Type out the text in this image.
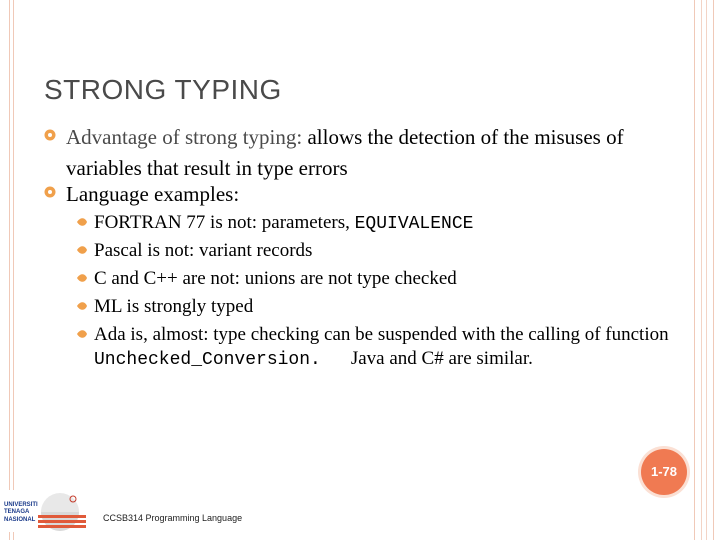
STRONG TYPING
Advantage of strong typing: allows the detection of the misuses of variables that result in type errors
Language examples:
FORTRAN 77 is not: parameters, EQUIVALENCE
Pascal is not: variant records
C and C++ are not: unions are not type checked
ML is strongly typed
Ada is, almost: type checking can be suspended with the calling of function Unchecked_Conversion. Java and C# are similar.
1-78
UNIVERSITI
TENAGA
NASIONAL	CCSB314 Programming Language
